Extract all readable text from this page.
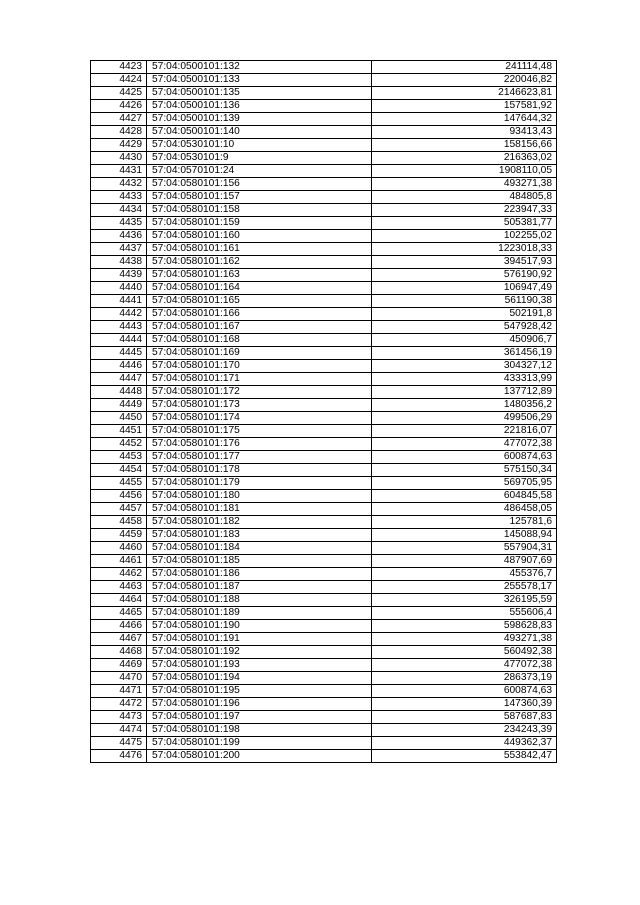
4423	57:04:0500101:132	241114,48
4424	57:04:0500101:133	220046,82
4425	57:04:0500101:135	2146623,81
4426	57:04:0500101:136	157581,92
4427	57:04:0500101:139	147644,32
4428	57:04:0500101:140	93413,43
4429	57:04:0530101:10	158156,66
4430	57:04:0530101:9	216363,02
4431	57:04:0570101:24	1908110,05
4432	57:04:0580101:156	493271,38
4433	57:04:0580101:157	484805,8
4434	57:04:0580101:158	223947,33
4435	57:04:0580101:159	505381,77
4436	57:04:0580101:160	102255,02
4437	57:04:0580101:161	1223018,33
4438	57:04:0580101:162	394517,93
4439	57:04:0580101:163	576190,92
4440	57:04:0580101:164	106947,49
4441	57:04:0580101:165	561190,38
4442	57:04:0580101:166	502191,8
4443	57:04:0580101:167	547928,42
4444	57:04:0580101:168	450906,7
4445	57:04:0580101:169	361456,19
4446	57:04:0580101:170	304327,12
4447	57:04:0580101:171	433313,99
4448	57:04:0580101:172	137712,89
4449	57:04:0580101:173	1480356,2
4450	57:04:0580101:174	499506,29
4451	57:04:0580101:175	221816,07
4452	57:04:0580101:176	477072,38
4453	57:04:0580101:177	600874,63
4454	57:04:0580101:178	575150,34
4455	57:04:0580101:179	569705,95
4456	57:04:0580101:180	604845,58
4457	57:04:0580101:181	486458,05
4458	57:04:0580101:182	125781,6
4459	57:04:0580101:183	145088,94
4460	57:04:0580101:184	557904,31
4461	57:04:0580101:185	487907,69
4462	57:04:0580101:186	455376,7
4463	57:04:0580101:187	255578,17
4464	57:04:0580101:188	326195,59
4465	57:04:0580101:189	555606,4
4466	57:04:0580101:190	598628,83
4467	57:04:0580101:191	493271,38
4468	57:04:0580101:192	560492,38
4469	57:04:0580101:193	477072,38
4470	57:04:0580101:194	286373,19
4471	57:04:0580101:195	600874,63
4472	57:04:0580101:196	147360,39
4473	57:04:0580101:197	587687,83
4474	57:04:0580101:198	234243,39
4475	57:04:0580101:199	449362,37
4476	57:04:0580101:200	553842,47
